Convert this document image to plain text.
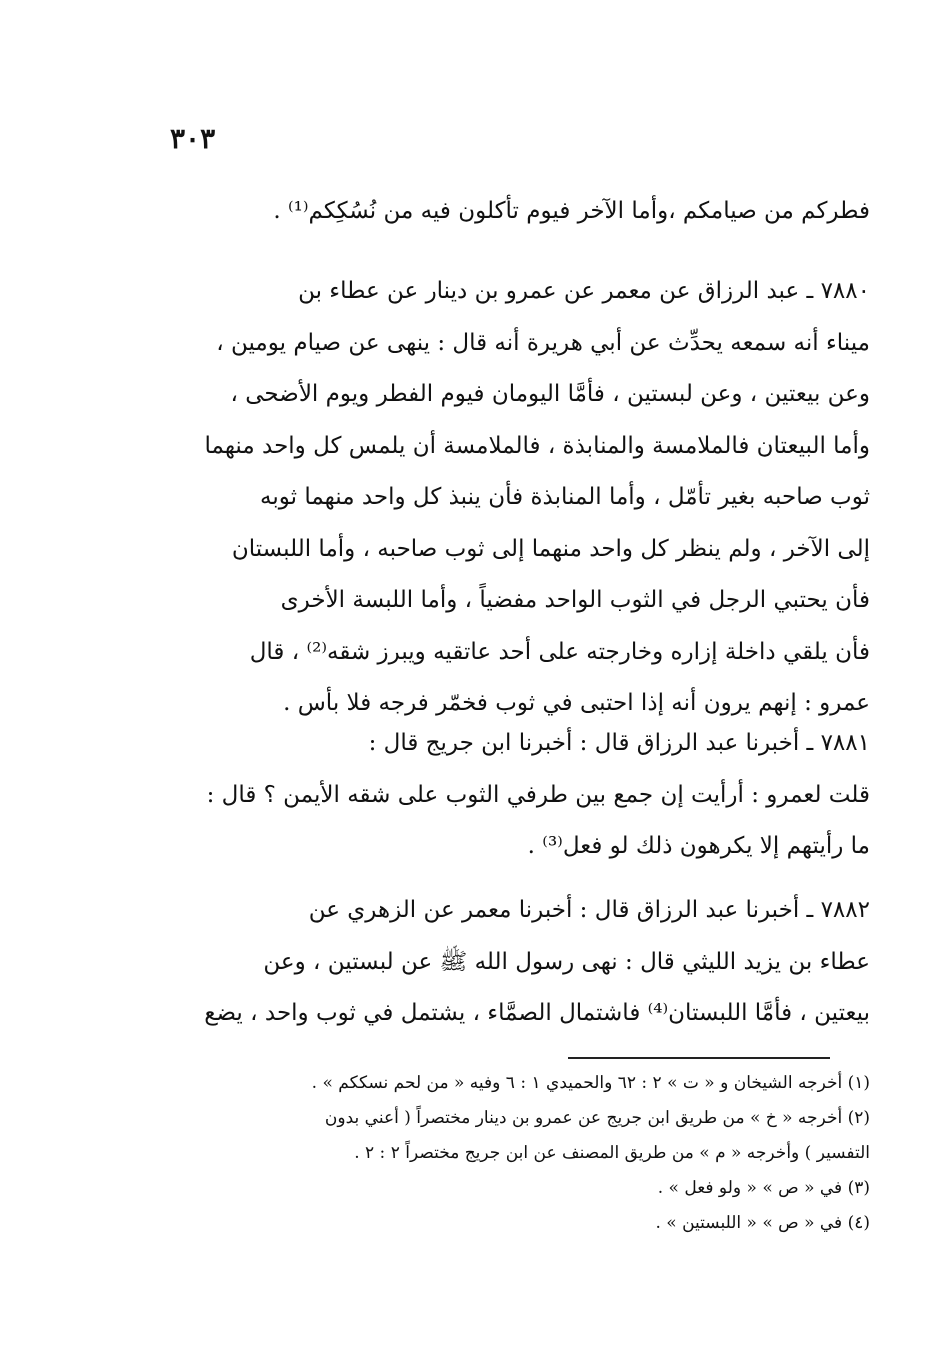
٣٠٣
فطركم من صيامكم ،وأما الآخر فيوم تأكلون فيه من نُسُكِكم⁽¹⁾ .
٧٨٨٠ ـ عبد الرزاق عن معمر عن عمرو بن دينار عن عطاء بن
ميناء أنه سمعه يحدِّث عن أبي هريرة أنه قال : ينهى عن صيام يومين ،
وعن بيعتين ، وعن لبستين ، فأمَّا اليومان فيوم الفطر ويوم الأضحى ،
وأما البيعتان فالملامسة والمنابذة ، فالملامسة أن يلمس كل واحد منهما
ثوب صاحبه بغير تأمّل ، وأما المنابذة فأن ينبذ كل واحد منهما ثوبه
إلى الآخر ، ولم ينظر كل واحد منهما إلى ثوب صاحبه ، وأما اللبستان
فأن يحتبي الرجل في الثوب الواحد مفضياً ، وأما اللبسة الأخرى
فأن يلقي داخلة إزاره وخارجته على أحد عاتقيه ويبرز شقه⁽²⁾ ، قال
عمرو : إنهم يرون أنه إذا احتبى في ثوب فخمّر فرجه فلا بأس .
٧٨٨١ ـ أخبرنا عبد الرزاق قال : أخبرنا ابن جريج قال :
قلت لعمرو : أرأيت إن جمع بين طرفي الثوب على شقه الأيمن ؟ قال :
ما رأيتهم إلا يكرهون ذلك لو فعل⁽³⁾ .
٧٨٨٢ ـ أخبرنا عبد الرزاق قال : أخبرنا معمر عن الزهري عن
عطاء بن يزيد الليثي قال : نهى رسول الله ﷺ عن لبستين ، وعن
بيعتين ، فأمَّا اللبستان⁽⁴⁾ فاشتمال الصمَّاء ، يشتمل في ثوب واحد ، يضع
(١) أخرجه الشيخان و « ت » ٢ : ٦٢ والحميدي ١ : ٦ وفيه « من لحم نسككم » .
(٢) أخرجه « خ » من طريق ابن جريج عن عمرو بن دينار مختصراً ( أعني بدون
التفسير ) وأخرجه « م » من طريق المصنف عن ابن جريج مختصراً ٢ : ٢ .
(٣) في « ص » « ولو فعل » .
(٤) في « ص » « اللبستين » .
